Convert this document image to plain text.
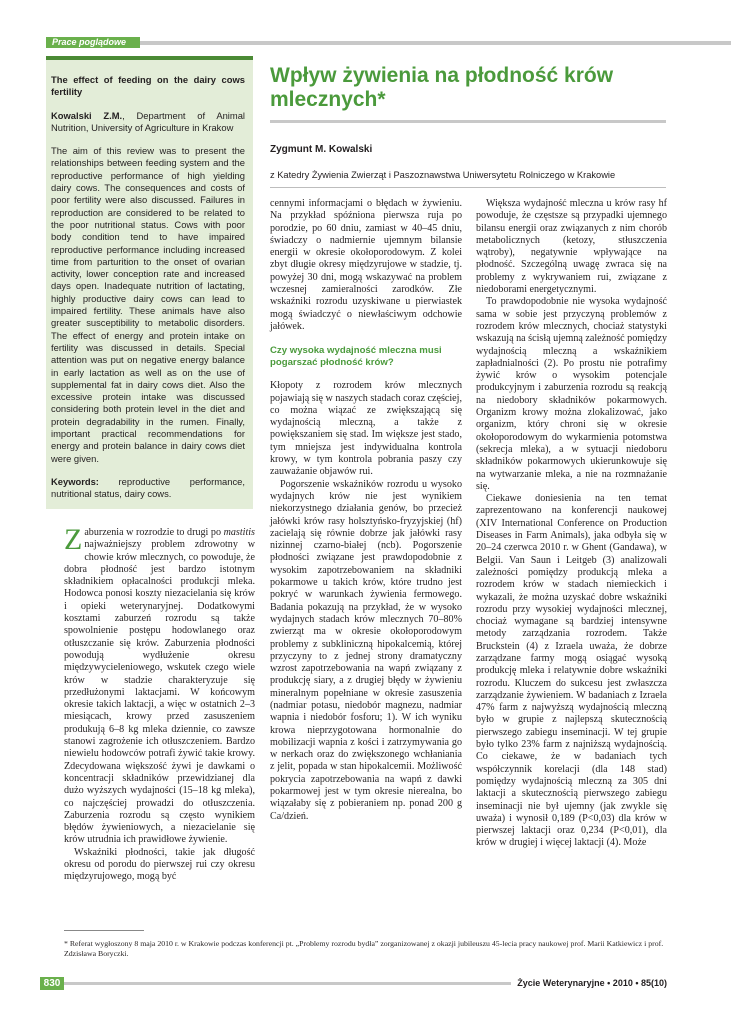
Prace poglądowe

The effect of feeding on the dairy cows fertility

Kowalski Z.M., Department of Animal Nutrition, University of Agriculture in Krakow

The aim of this review was to present the relationships between feeding system and the reproductive performance of high yielding dairy cows. The consequences and costs of poor fertility were also discussed. Failures in reproduction are considered to be related to the poor nutritional status. Cows with poor body condition tend to have impaired reproductive performance including increased time from parturition to the onset of ovarian activity, lower conception rate and increased days open. Inadequate nutrition of lactating, highly productive dairy cows can lead to impaired fertility. These animals have also greater susceptibility to metabolic disorders. The effect of energy and protein intake on fertility was discussed in details. Special attention was put on negative energy balance in early lactation as well as on the use of supplemental fat in dairy cows diet. Also the excessive protein intake was discussed considering both protein level in the diet and protein degradability in the rumen. Finally, important practical recommendations for energy and protein balance in dairy cows diet were given.

Keywords: reproductive performance, nutritional status, dairy cows.

Wpływ żywienia na płodność krów mlecznych*
Zygmunt M. Kowalski
z Katedry Żywienia Zwierząt i Paszoznawstwa Uniwersytetu Rolniczego w Krakowie

Zaburzenia w rozrodzie to drugi po mastitis najważniejszy problem zdrowotny w chowie krów mlecznych, co powoduje, że dobra płodność jest bardzo istotnym składnikiem opłacalności produkcji mleka. Hodowca ponosi koszty niezacielania się krów i opieki weterynaryjnej. Dodatkowymi kosztami zaburzeń rozrodu są także spowolnienie postępu hodowlanego oraz otłuszczanie się krów. Zaburzenia płodności powodują wydłużenie okresu międzywycieleniowego, wskutek czego wiele krów w stadzie charakteryzuje się przedłużonymi laktacjami. W końcowym okresie takich laktacji, a więc w ostatnich 2–3 miesiącach, krowy przed zasuszeniem produkują 6–8 kg mleka dziennie, co zawsze stanowi zagrożenie ich otłuszczeniem. Bardzo niewielu hodowców potrafi żywić takie krowy. Zdecydowana większość żywi je dawkami o koncentracji składników przewidzianej dla dużo wyższych wydajności (15–18 kg mleka), co najczęściej prowadzi do otłuszczenia. Zaburzenia rozrodu są często wynikiem błędów żywieniowych, a niezacielanie się krów utrudnia ich prawidłowe żywienie.

Wskaźniki płodności, takie jak długość okresu od porodu do pierwszej rui czy okresu międzyrujowego, mogą być

cennymi informacjami o błędach w żywieniu. Na przykład spóźniona pierwsza ruja po porodzie, po 60 dniu, zamiast w 40–45 dniu, świadczy o nadmiernie ujemnym bilansie energii w okresie okołoporodowym. Z kolei zbyt długie okresy międzyrujowe w stadzie, tj. powyżej 30 dni, mogą wskazywać na problem wczesnej zamieralności zarodków. Złe wskaźniki rozrodu uzyskiwane u pierwiastek mogą świadczyć o niewłaściwym odchowie jałówek.

Czy wysoka wydajność mleczna musi pogarszać płodność krów?

Kłopoty z rozrodem krów mlecznych pojawiają się w naszych stadach coraz częściej, co można wiązać ze zwiększającą się wydajnością mleczną, a także z powiększaniem się stad. Im większe jest stado, tym mniejsza jest indywidualna kontrola krowy, w tym kontrola pobrania paszy czy zauważanie objawów rui.

Pogorszenie wskaźników rozrodu u wysoko wydajnych krów nie jest wynikiem niekorzystnego działania genów, bo przecież jałówki krów rasy holsztyńsko-fryzyjskiej (hf) zacielają się równie dobrze jak jałówki rasy nizinnej czarno-białej (ncb). Pogorszenie płodności związane jest prawdopodobnie z wysokim zapotrzebowaniem na składniki pokarmowe u takich krów, które trudno jest pokryć w warunkach żywienia fermowego. Badania pokazują na przykład, że w wysoko wydajnych stadach krów mlecznych 70–80% zwierząt ma w okresie okołoporodowym problemy z subkliniczną hipokalcemią, której przyczyny to z jednej strony dramatyczny wzrost zapotrzebowania na wapń związany z produkcję siary, a z drugiej błędy w żywieniu mineralnym popełniane w okresie zasuszenia (nadmiar potasu, niedobór magnezu, nadmiar wapnia i niedobór fosforu; 1). W ich wyniku krowa nieprzygotowana hormonalnie do mobilizacji wapnia z kości i zatrzymywania go w nerkach oraz do zwiększonego wchłaniania z jelit, popada w stan hipokalcemii. Możliwość pokrycia zapotrzebowania na wapń z dawki pokarmowej jest w tym okresie nierealna, bo wiązałaby się z pobieraniem np. ponad 200 g Ca/dzień.

Większa wydajność mleczna u krów rasy hf powoduje, że częstsze są przypadki ujemnego bilansu energii oraz związanych z nim chorób metabolicznych (ketozy, stłuszczenia wątroby), negatywnie wpływające na płodność. Szczególną uwagę zwraca się na problemy z wykrywaniem rui, związane z niedoborami energetycznymi.

To prawdopodobnie nie wysoka wydajność sama w sobie jest przyczyną problemów z rozrodem krów mlecznych, chociaż statystyki wskazują na ścisłą ujemną zależność pomiędzy wydajnością mleczną a wskaźnikiem zapładnialności (2). Po prostu nie potrafimy żywić krów o wysokim potencjale produkcyjnym i zaburzenia rozrodu są reakcją na niedobory składników pokarmowych. Organizm krowy można zlokalizować, jako organizm, który chroni się w okresie okołoporodowym do wykarmienia potomstwa (sekrecja mleka), a w sytuacji niedoboru składników pokarmowych ukierunkowuje się na wytwarzanie mleka, a nie na rozmnażanie się.

Ciekawe doniesienia na ten temat zaprezentowano na konferencji naukowej (XIV International Conference on Production Diseases in Farm Animals), jaka odbyła się w 20–24 czerwca 2010 r. w Ghent (Gandawa), w Belgii. Van Saun i Leitgeb (3) analizowali zależności pomiędzy produkcją mleka a rozrodem krów w stadach niemieckich i wykazali, że można uzyskać dobre wskaźniki rozrodu przy wysokiej wydajności mlecznej, chociaż wymagane są bardziej intensywne metody zarządzania rozrodem. Także Bruckstein (4) z Izraela uważa, że dobrze zarządzane farmy mogą osiągać wysoką produkcję mleka i relatywnie dobre wskaźniki rozrodu. Kluczem do sukcesu jest zwłaszcza zarządzanie żywieniem. W badaniach z Izraela 47% farm z najwyższą wydajnością mleczną było w grupie z najlepszą skutecznością pierwszego zabiegu inseminacji. W tej grupie było tylko 23% farm z najniższą wydajnością. Co ciekawe, że w badaniach tych współczynnik korelacji (dla 148 stad) pomiędzy wydajnością mleczną za 305 dni laktacji a skutecznością pierwszego zabiegu inseminacji nie był ujemny (jak zwykle się uważa) i wynosił 0,189 (P<0,03) dla krów w pierwszej laktacji oraz 0,234 (P<0,01), dla krów w drugiej i więcej laktacji (4). Może

* Referat wygłoszony 8 maja 2010 r. w Krakowie podczas konferencji pt. „Problemy rozrodu bydła” zorganizowanej z okazji jubileuszu 45-lecia pracy naukowej prof. Marii Katkiewicz i prof. Zdzisława Boryczki.
830	Życie Weterynaryjne • 2010 • 85(10)
